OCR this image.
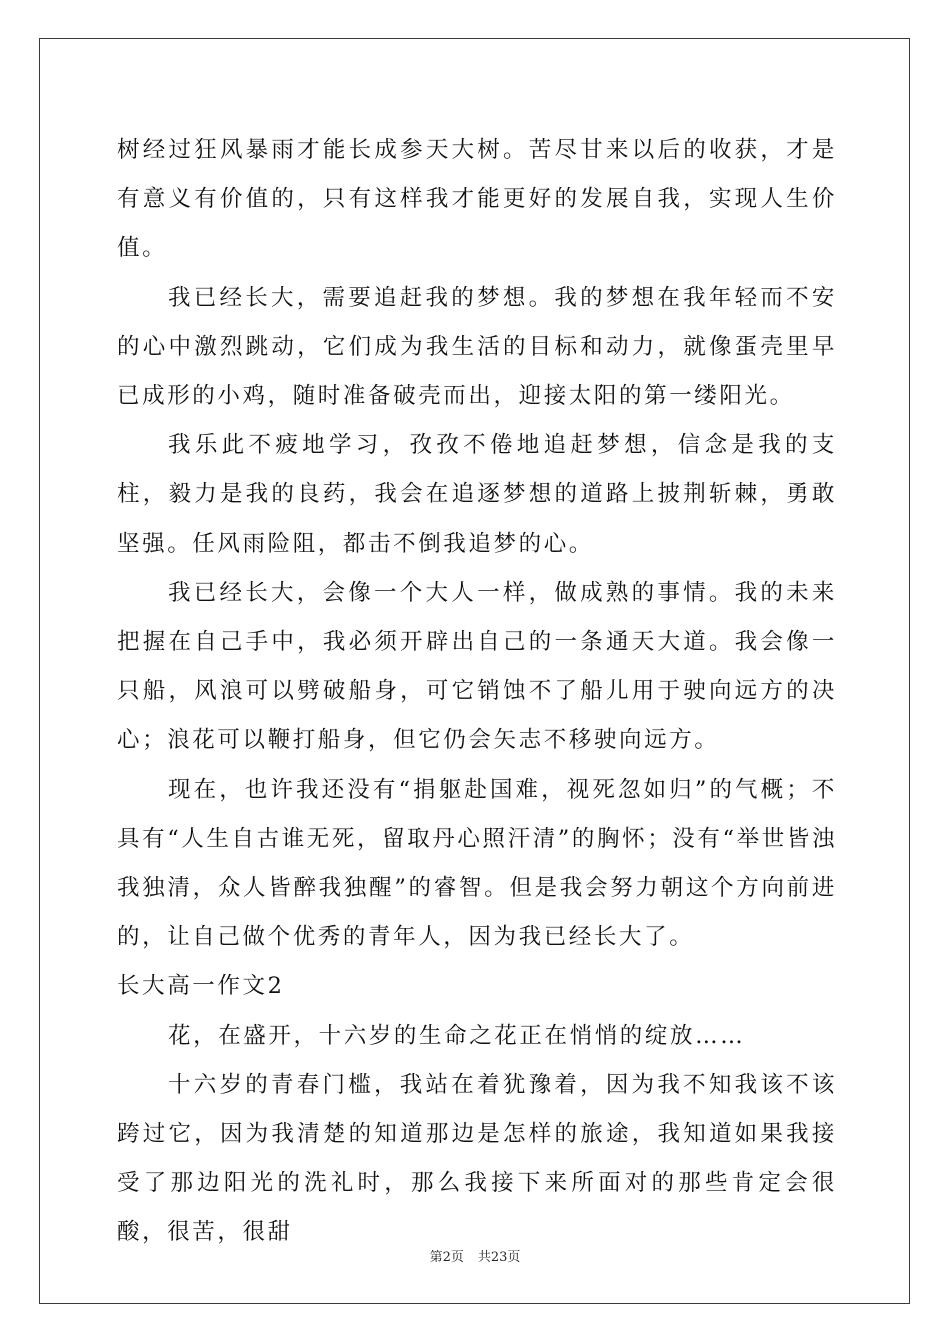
树经过狂风暴雨才能长成参天大树。苦尽甘来以后的收获，才是有意义有价值的，只有这样我才能更好的发展自我，实现人生价值。

我已经长大，需要追赶我的梦想。我的梦想在我年轻而不安的心中激烈跳动，它们成为我生活的目标和动力，就像蛋壳里早已成形的小鸡，随时准备破壳而出，迎接太阳的第一缕阳光。

我乐此不疲地学习，孜孜不倦地追赶梦想，信念是我的支柱，毅力是我的良药，我会在追逐梦想的道路上披荆斩棘，勇敢坚强。任风雨险阻，都击不倒我追梦的心。

我已经长大，会像一个大人一样，做成熟的事情。我的未来把握在自己手中，我必须开辟出自己的一条通天大道。我会像一只船，风浪可以劈破船身，可它销蚀不了船儿用于驶向远方的决心；浪花可以鞭打船身，但它仍会矢志不移驶向远方。

现在，也许我还没有“捐躯赴国难，视死忽如归”的气概；不具有“人生自古谁无死，留取丹心照汗清”的胸怀；没有“举世皆浊我独清，众人皆醉我独醒”的睿智。但是我会努力朝这个方向前进的，让自己做个优秀的青年人，因为我已经长大了。

长大高一作文2

花，在盛开，十六岁的生命之花正在悄悄的绽放……

十六岁的青春门槛，我站在着犹豫着，因为我不知我该不该跨过它，因为我清楚的知道那边是怎样的旅途，我知道如果我接受了那边阳光的洗礼时，那么我接下来所面对的那些肯定会很酸，很苦，很甜

第2页 共23页
